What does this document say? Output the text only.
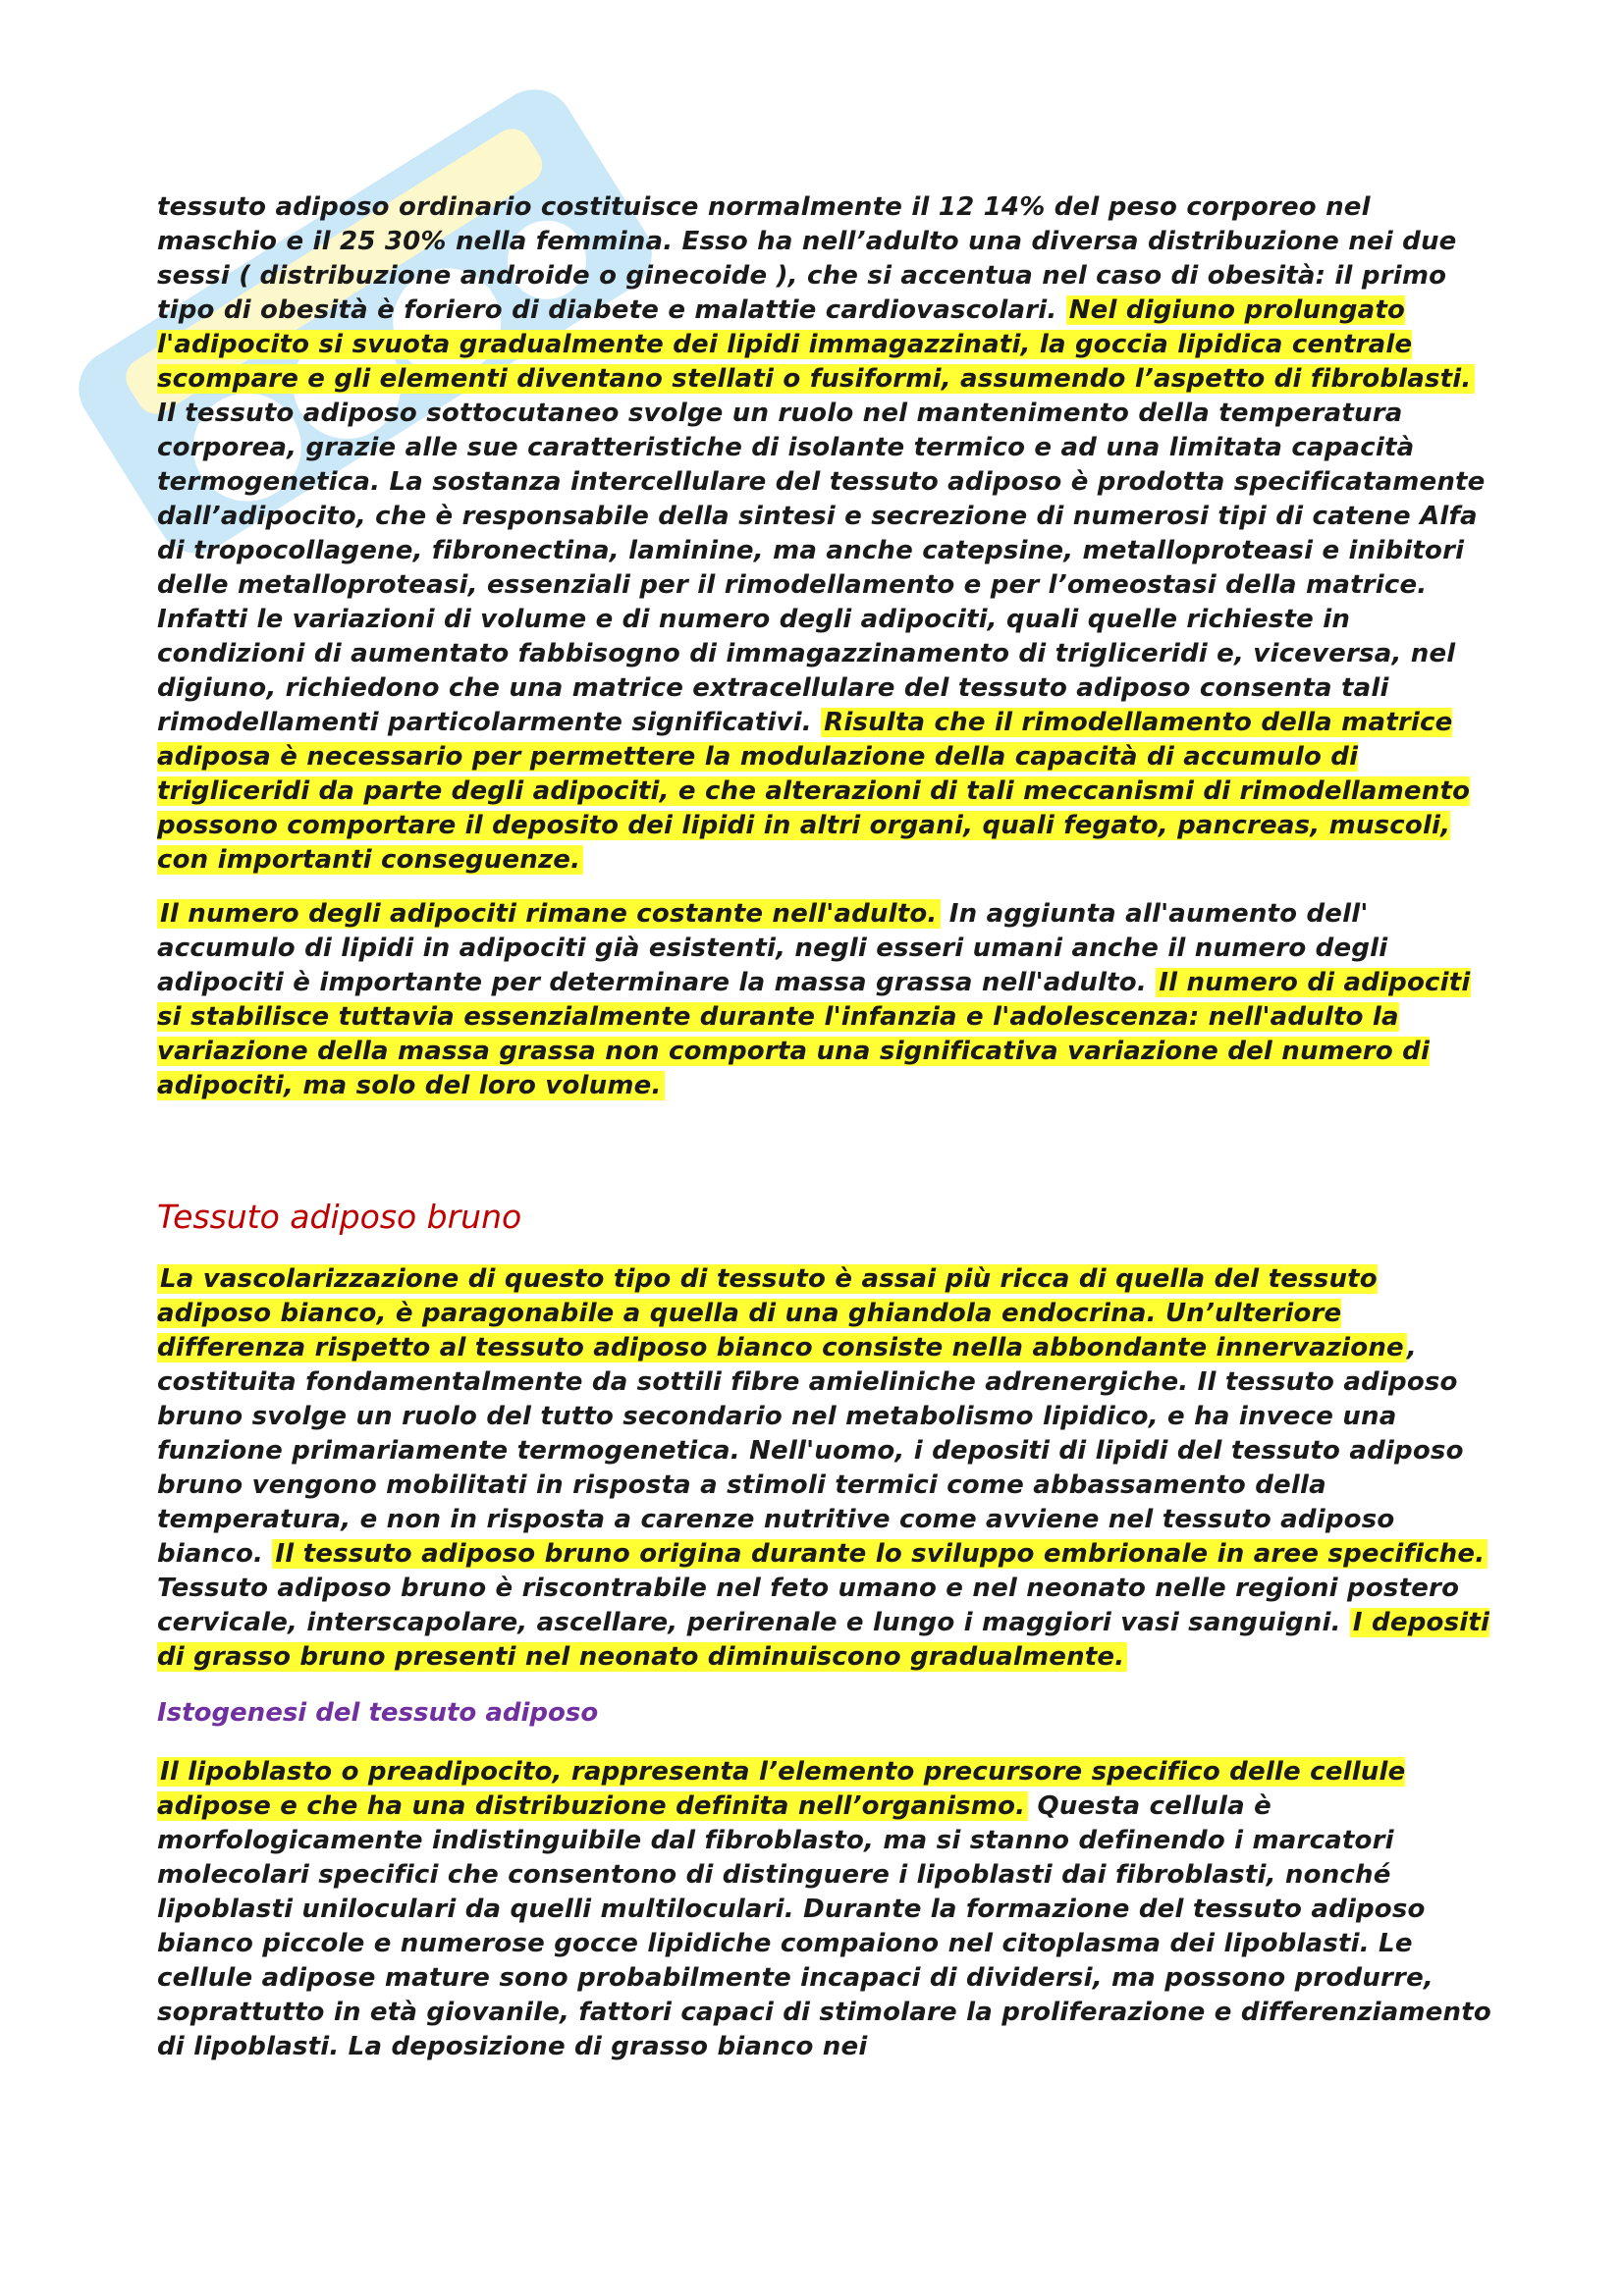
tessuto adiposo ordinario costituisce normalmente il 12 14% del peso corporeo nel maschio e il 25 30% nella femmina. Esso ha nell’adulto una diversa distribuzione nei due sessi ( distribuzione androide o ginecoide ), che si accentua nel caso di obesità: il primo tipo di obesità è foriero di diabete e malattie cardiovascolari. Nel digiuno prolungato l'adipocito si svuota gradualmente dei lipidi immagazzinati, la goccia lipidica centrale scompare e gli elementi diventano stellati o fusiformi, assumendo l’aspetto di fibroblasti. Il tessuto adiposo sottocutaneo svolge un ruolo nel mantenimento della temperatura corporea, grazie alle sue caratteristiche di isolante termico e ad una limitata capacità termogenetica. La sostanza intercellulare del tessuto adiposo è prodotta specificatamente dall’adipocito, che è responsabile della sintesi e secrezione di numerosi tipi di catene Alfa di tropocollagene, fibronectina, laminine, ma anche catepsine, metalloproteasi e inibitori delle metalloproteasi, essenziali per il rimodellamento e per l’omeostasi della matrice. Infatti le variazioni di volume e di numero degli adipociti, quali quelle richieste in condizioni di aumentato fabbisogno di immagazzinamento di trigliceridi e, viceversa, nel digiuno, richiedono che una matrice extracellulare del tessuto adiposo consenta tali rimodellamenti particolarmente significativi. Risulta che il rimodellamento della matrice adiposa è necessario per permettere la modulazione della capacità di accumulo di trigliceridi da parte degli adipociti, e che alterazioni di tali meccanismi di rimodellamento possono comportare il deposito dei lipidi in altri organi, quali fegato, pancreas, muscoli, con importanti conseguenze.

Il numero degli adipociti rimane costante nell'adulto. In aggiunta all'aumento dell' accumulo di lipidi in adipociti già esistenti, negli esseri umani anche il numero degli adipociti è importante per determinare la massa grassa nell'adulto. Il numero di adipociti si stabilisce tuttavia essenzialmente durante l'infanzia e l'adolescenza: nell'adulto la variazione della massa grassa non comporta una significativa variazione del numero di adipociti, ma solo del loro volume.

Tessuto adiposo bruno

La vascolarizzazione di questo tipo di tessuto è assai più ricca di quella del tessuto adiposo bianco, è paragonabile a quella di una ghiandola endocrina. Un’ulteriore differenza rispetto al tessuto adiposo bianco consiste nella abbondante innervazione , costituita fondamentalmente da sottili fibre amieliniche adrenergiche. Il tessuto adiposo bruno svolge un ruolo del tutto secondario nel metabolismo lipidico, e ha invece una funzione primariamente termogenetica. Nell'uomo, i depositi di lipidi del tessuto adiposo bruno vengono mobilitati in risposta a stimoli termici come abbassamento della temperatura, e non in risposta a carenze nutritive come avviene nel tessuto adiposo bianco. Il tessuto adiposo bruno origina durante lo sviluppo embrionale in aree specifiche. Tessuto adiposo bruno è riscontrabile nel feto umano e nel neonato nelle regioni postero cervicale, interscapolare, ascellare, perirenale e lungo i maggiori vasi sanguigni. I depositi di grasso bruno presenti nel neonato diminuiscono gradualmente.

Istogenesi del tessuto adiposo

Il lipoblasto o preadipocito, rappresenta l’elemento precursore specifico delle cellule adipose e che ha una distribuzione definita nell’organismo. Questa cellula è morfologicamente indistinguibile dal fibroblasto, ma si stanno definendo i marcatori molecolari specifici che consentono di distinguere i lipoblasti dai fibroblasti, nonché lipoblasti uniloculari da quelli multiloculari. Durante la formazione del tessuto adiposo bianco piccole e numerose gocce lipidiche compaiono nel citoplasma dei lipoblasti. Le cellule adipose mature sono probabilmente incapaci di dividersi, ma possono produrre, soprattutto in età giovanile, fattori capaci di stimolare la proliferazione e differenziamento di lipoblasti. La deposizione di grasso bianco nei
